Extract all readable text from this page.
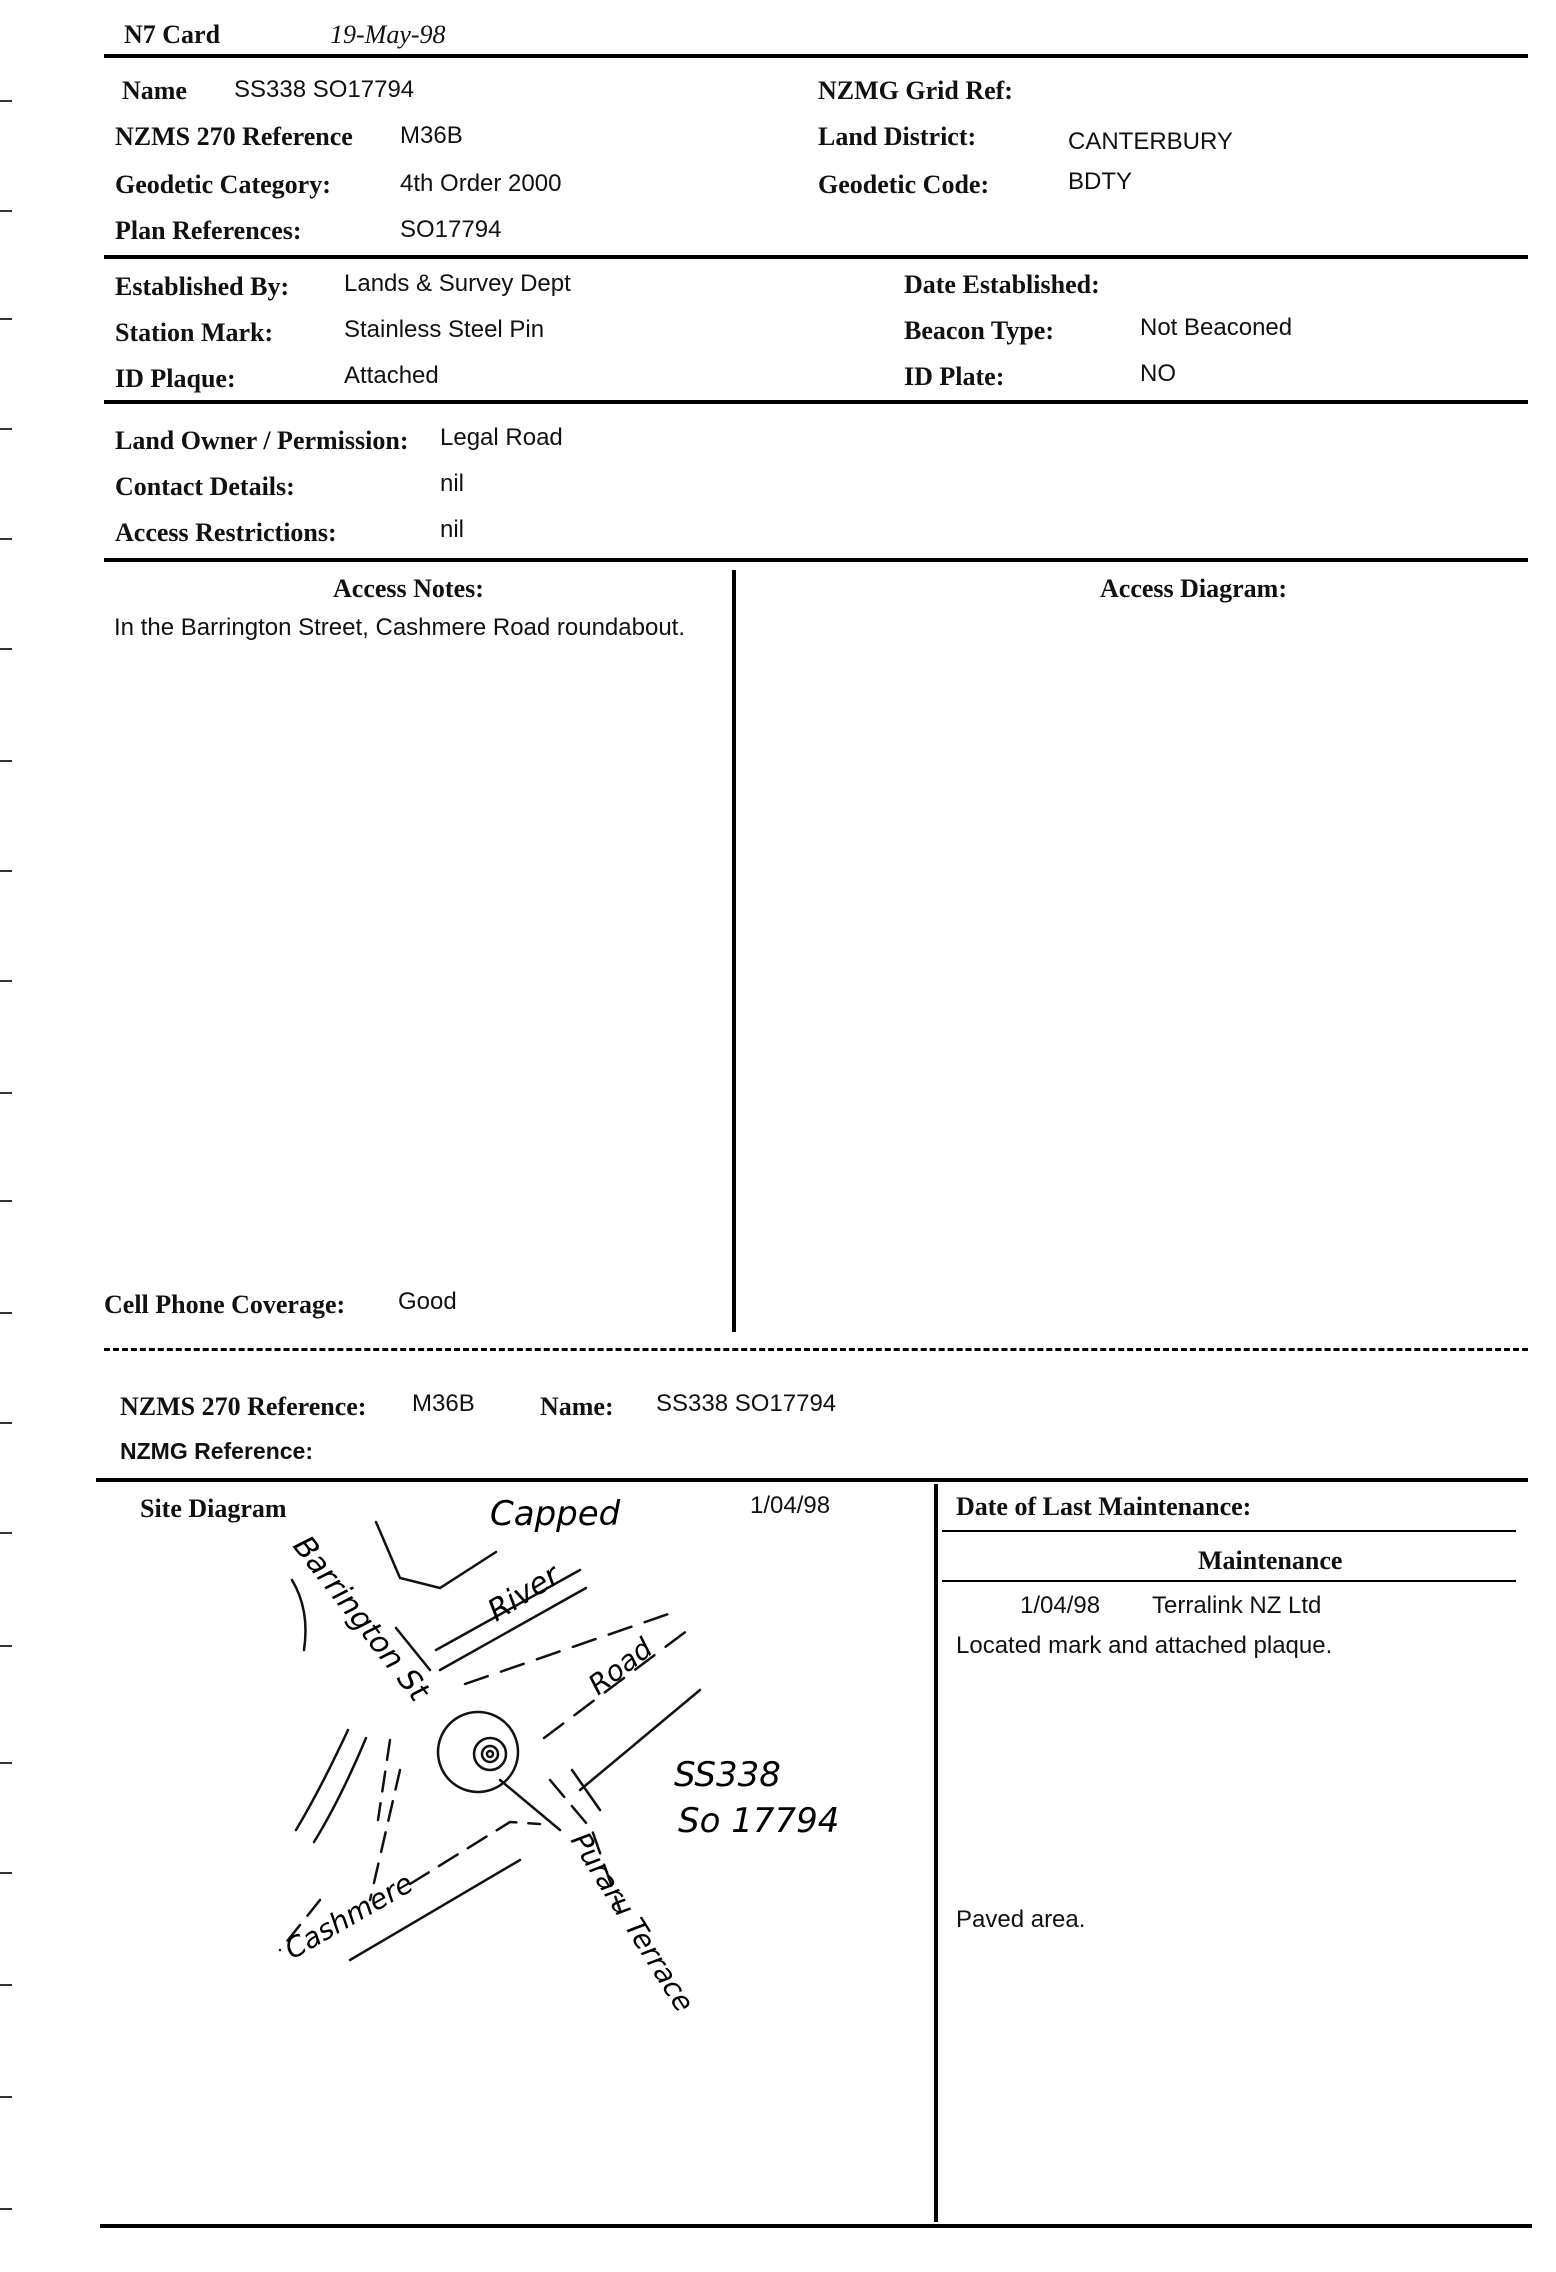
N7 Card	19-May-98
Name SS338 SO17794
NZMS 270 Reference M36B
Geodetic Category:	4th Order 2000
Plan References:	SO17794
NZMG Grid Ref:
Land District:	CANTERBURY
Geodetic Code:	BDTY
Established By: Lands & Survey Dept
Station Mark:	Stainless Steel Pin
ID Plaque:	Attached
Date Established:
Beacon Type:	Not Beaconed
ID Plate:	NO
Land Owner / Permission: Legal Road
Contact Details:	nil
Access Restrictions:	nil
Access Notes:
In the Barrington Street, Cashmere Road roundabout.
Access Diagram:
Cell Phone Coverage: Good
NZMS 270 Reference: M36B	Name: SS338 SO17794
NZMG Reference:
Site Diagram	1/04/98
Capped
Barrington St River
Road
Cashmere	Puraru Terrace
SS338
So 17794
Date of Last Maintenance:
Maintenance
1/04/98 Terralink NZ Ltd
Located mark and attached plaque.
Paved area.
